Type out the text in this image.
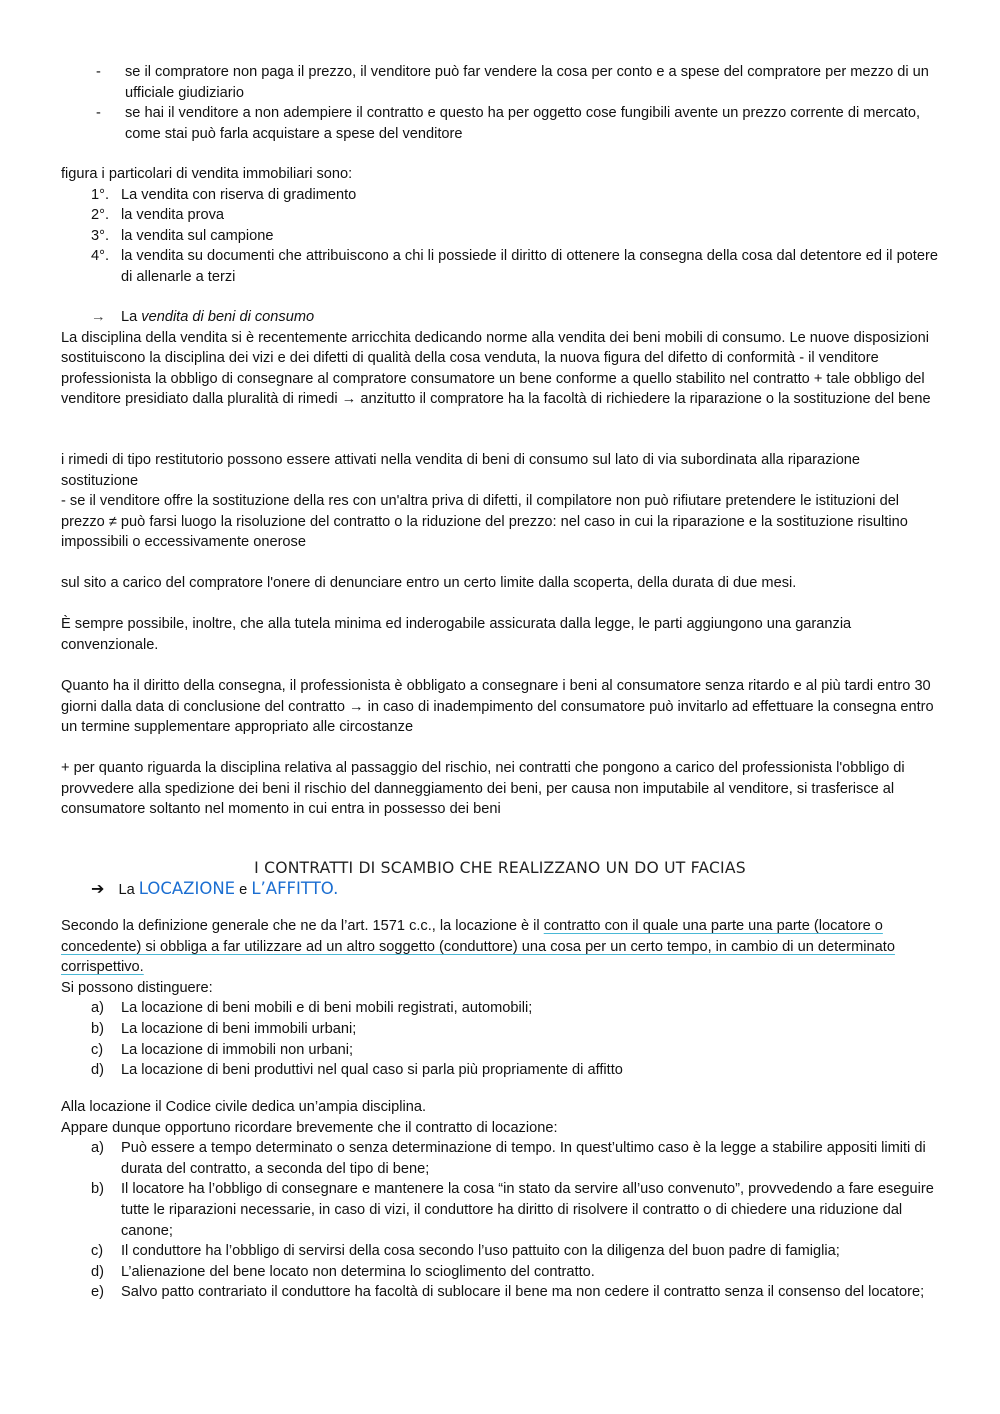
- se il compratore non paga il prezzo, il venditore può far vendere la cosa per conto e a spese del compratore per mezzo di un ufficiale giudiziario
- se hai il venditore a non adempiere il contratto e questo ha per oggetto cose fungibili avente un prezzo corrente di mercato, come stai può farla acquistare a spese del venditore

figura i particolari di vendita immobiliari sono:

1°. La vendita con riserva di gradimento
2°. la vendita prova
3°. la vendita sul campione
4°. la vendita su documenti che attribuiscono a chi li possiede il diritto di ottenere la consegna della cosa dal detentore ed il potere di allenarle a terzi
→ La vendita di beni di consumo

La disciplina della vendita si è recentemente arricchita dedicando norme alla vendita dei beni mobili di consumo. Le nuove disposizioni sostituiscono la disciplina dei vizi e dei difetti di qualità della cosa venduta, la nuova figura del difetto di conformità - il venditore professionista la obbligo di consegnare al compratore consumatore un bene conforme a quello stabilito nel contratto + tale obbligo del venditore presidiato dalla pluralità di rimedi → anzitutto il compratore ha la facoltà di richiedere la riparazione o la sostituzione del bene

i rimedi di tipo restitutorio possono essere attivati nella vendita di beni di consumo sul lato di via subordinata alla riparazione sostituzione

- se il venditore offre la sostituzione della res con un'altra priva di difetti, il compilatore non può rifiutare pretendere le istituzioni del prezzo ≠ può farsi luogo la risoluzione del contratto o la riduzione del prezzo: nel caso in cui la riparazione e la sostituzione risultino impossibili o eccessivamente onerose

sul sito a carico del compratore l'onere di denunciare entro un certo limite dalla scoperta, della durata di due mesi.

È sempre possibile, inoltre, che alla tutela minima ed inderogabile assicurata dalla legge, le parti aggiungono una garanzia convenzionale.

Quanto ha il diritto della consegna, il professionista è obbligato a consegnare i beni al consumatore senza ritardo e al più tardi entro 30 giorni dalla data di conclusione del contratto → in caso di inadempimento del consumatore può invitarlo ad effettuare la consegna entro un termine supplementare appropriato alle circostanze

+ per quanto riguarda la disciplina relativa al passaggio del rischio, nei contratti che pongono a carico del professionista l'obbligo di provvedere alla spedizione dei beni il rischio del danneggiamento dei beni, per causa non imputabile al venditore, si trasferisce al consumatore soltanto nel momento in cui entra in possesso dei beni

I CONTRATTI DI SCAMBIO CHE REALIZZANO UN DO UT FACIAS
➔ La LOCAZIONE e L’AFFITTO.

Secondo la definizione generale che ne da l’art. 1571 c.c., la locazione è il contratto con il quale una parte una parte (locatore o concedente) si obbliga a far utilizzare ad un altro soggetto (conduttore) una cosa per un certo tempo, in cambio di un determinato corrispettivo.

Si possono distinguere:

a) La locazione di beni mobili e di beni mobili registrati, automobili;
b) La locazione di beni immobili urbani;
c) La locazione di immobili non urbani;
d) La locazione di beni produttivi nel qual caso si parla più propriamente di affitto

Alla locazione il Codice civile dedica un’ampia disciplina.

Appare dunque opportuno ricordare brevemente che il contratto di locazione:

a) Può essere a tempo determinato o senza determinazione di tempo. In quest’ultimo caso è la legge a stabilire appositi limiti di durata del contratto, a seconda del tipo di bene;
b) Il locatore ha l’obbligo di consegnare e mantenere la cosa “in stato da servire all’uso convenuto”, provvedendo a fare eseguire tutte le riparazioni necessarie, in caso di vizi, il conduttore ha diritto di risolvere il contratto o di chiedere una riduzione dal canone;
c) Il conduttore ha l’obbligo di servirsi della cosa secondo l’uso pattuito con la diligenza del buon padre di famiglia;
d) L’alienazione del bene locato non determina lo scioglimento del contratto.
e) Salvo patto contrariato il conduttore ha facoltà di sublocare il bene ma non cedere il contratto senza il consenso del locatore;
